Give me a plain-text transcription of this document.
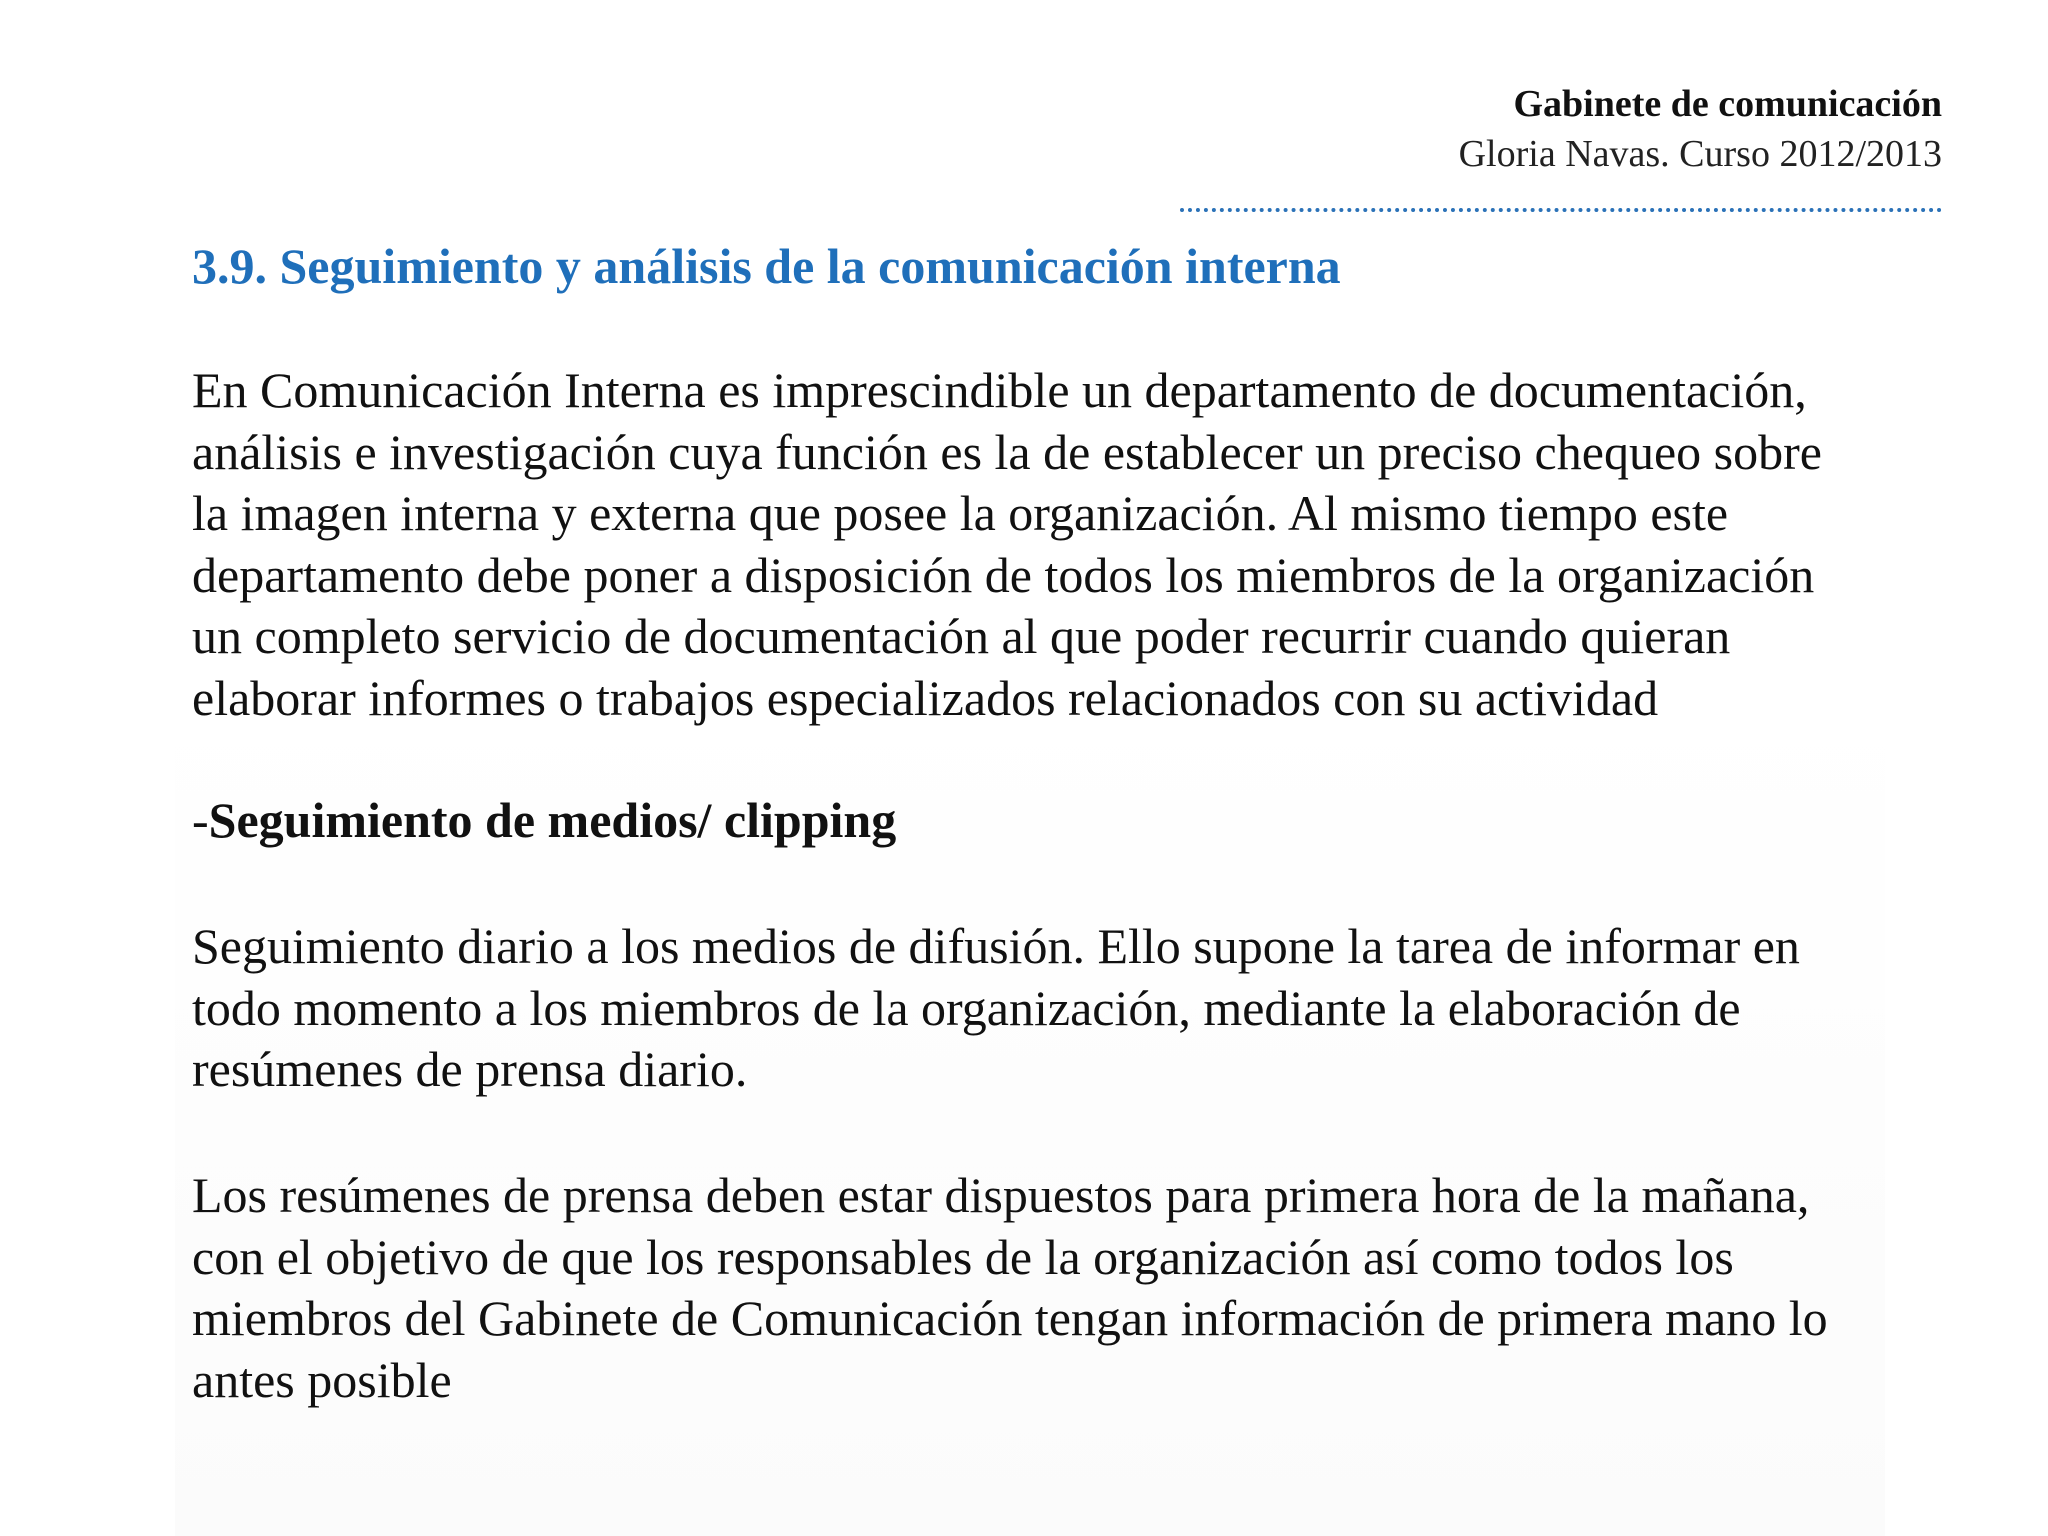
Gabinete de comunicación
Gloria Navas. Curso 2012/2013
3.9. Seguimiento y análisis de la comunicación interna
En Comunicación Interna es imprescindible un departamento de documentación,
análisis e investigación cuya función es la de establecer un preciso chequeo sobre
la imagen interna y externa que posee la organización. Al mismo tiempo este
departamento debe poner a disposición de todos los miembros de la organización
un completo servicio de documentación al que poder recurrir cuando quieran
elaborar informes o trabajos especializados relacionados con su actividad
-Seguimiento de medios/ clipping
Seguimiento diario a los medios de difusión. Ello supone la tarea de informar en
todo momento a los miembros de la organización, mediante la elaboración de
resúmenes de prensa diario.
Los resúmenes de prensa deben estar dispuestos para primera hora de la mañana,
con el objetivo de que los responsables de la organización así como todos los
miembros del Gabinete de Comunicación tengan información de primera mano lo
antes posible
